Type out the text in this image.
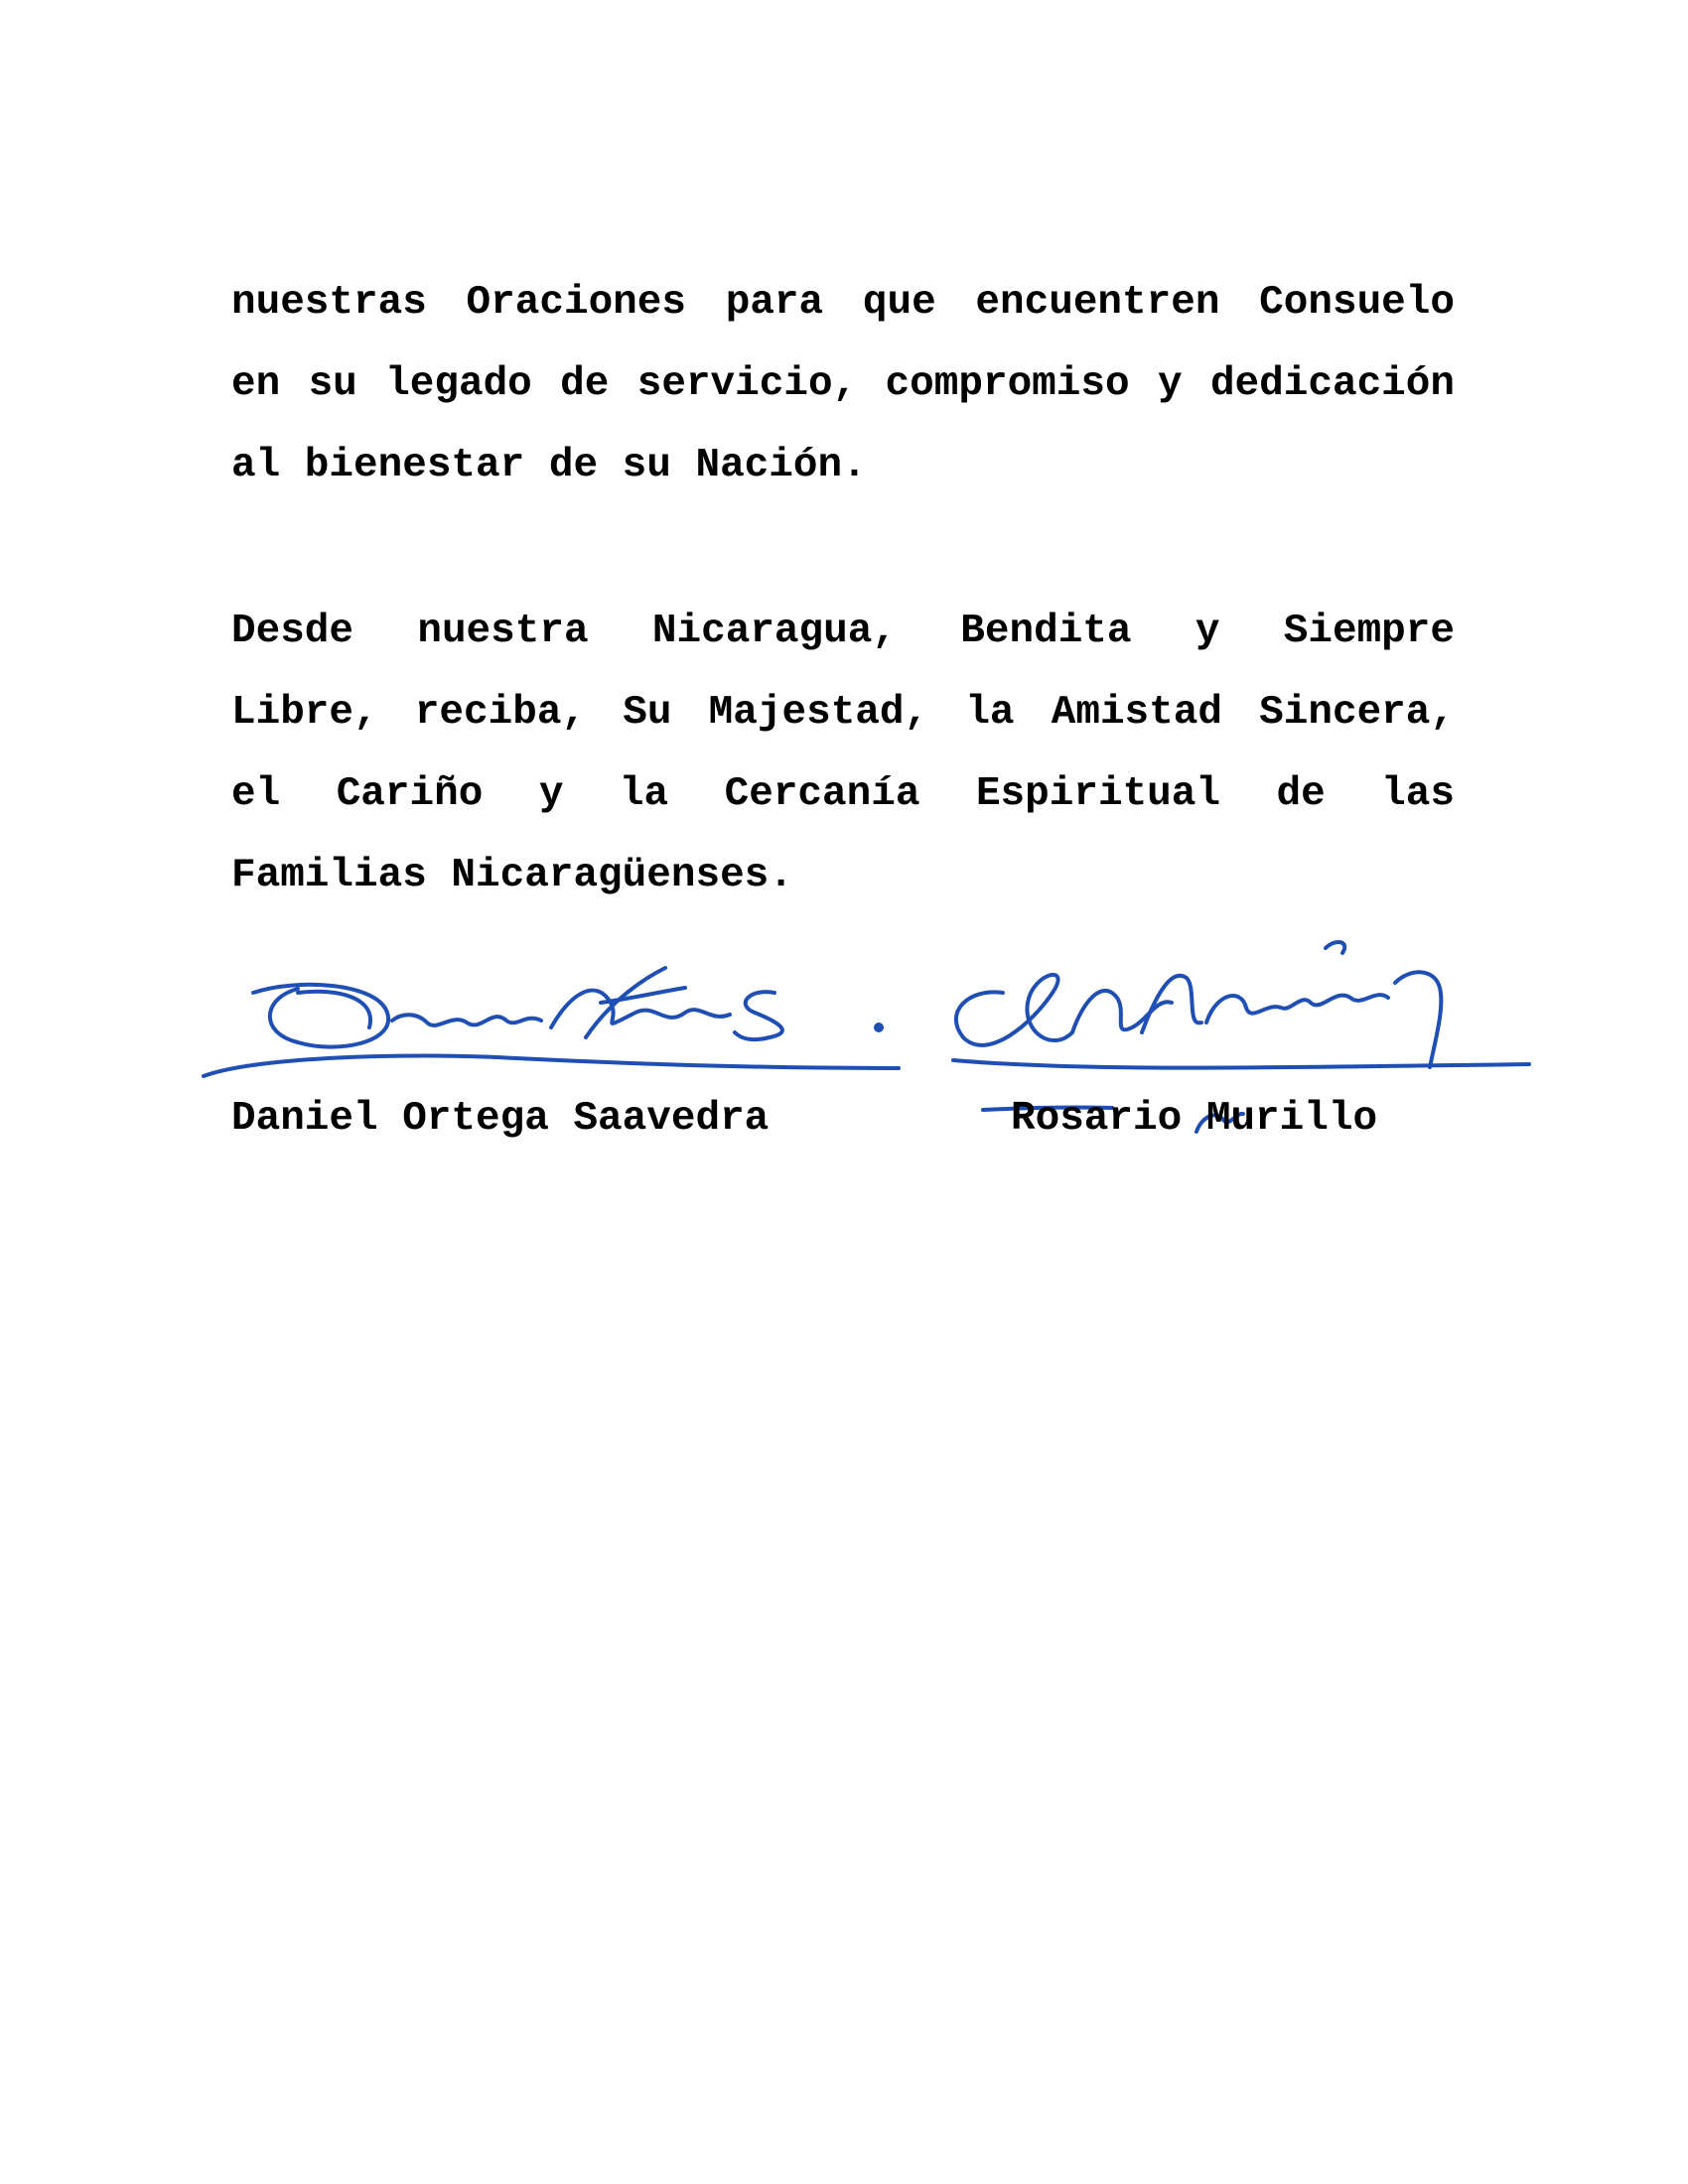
nuestras Oraciones para que encuentren Consuelo
en su legado de servicio, compromiso y dedicación
al bienestar de su Nación.
Desde nuestra Nicaragua, Bendita y Siempre
Libre, reciba, Su Majestad, la Amistad Sincera,
el Cariño y la Cercanía Espiritual de las
Familias Nicaragüenses.
Daniel Ortega Saavedra	Rosario Murillo
